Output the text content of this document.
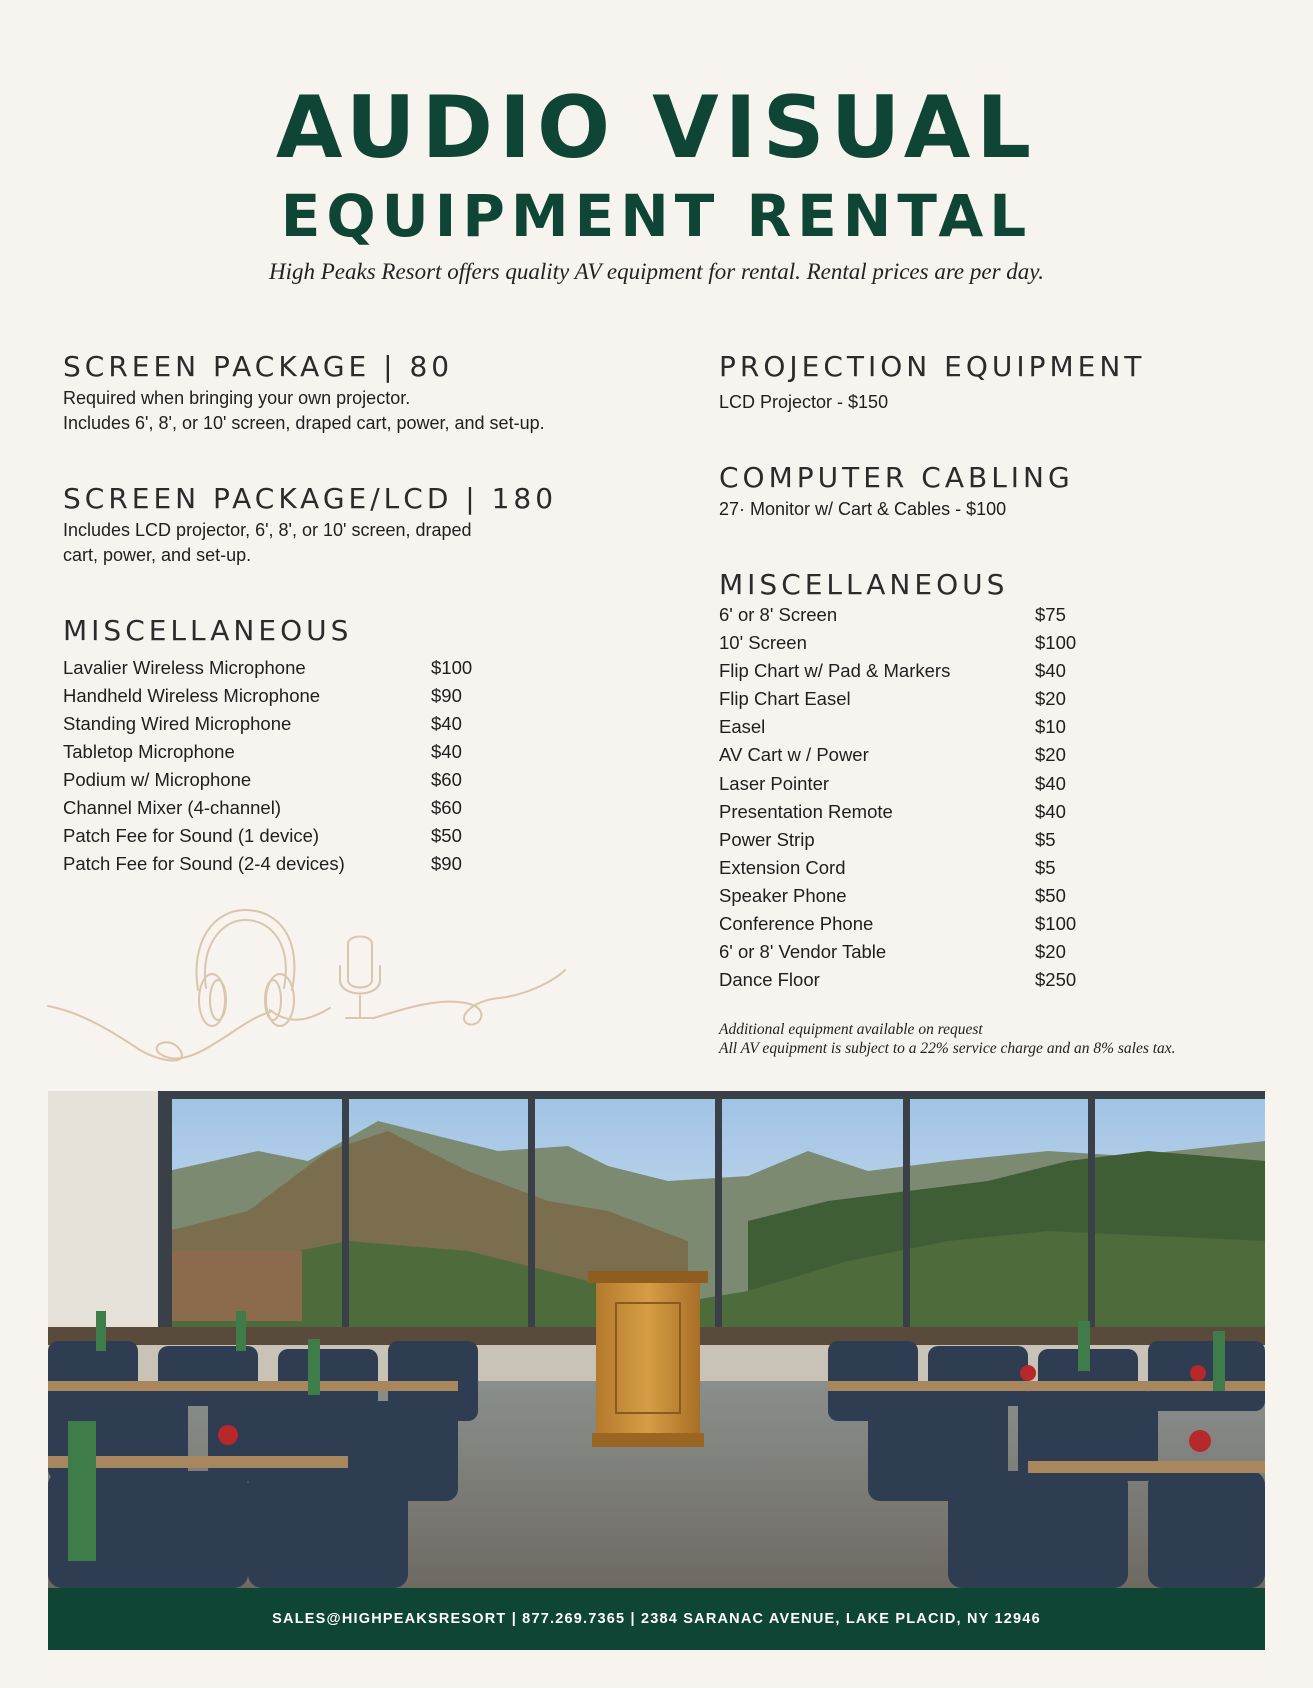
AUDIO VISUAL
EQUIPMENT RENTAL
High Peaks Resort offers quality AV equipment for rental. Rental prices are per day.
SCREEN PACKAGE | 80
Required when bringing your own projector.
Includes 6', 8', or 10' screen, draped cart, power, and set-up.
SCREEN PACKAGE/LCD | 180
Includes LCD projector, 6', 8', or 10' screen, draped
cart, power, and set-up.
MISCELLANEOUS
Lavalier Wireless Microphone	$100
Handheld Wireless Microphone	$90
Standing Wired Microphone	$40
Tabletop Microphone	$40
Podium w/ Microphone	$60
Channel Mixer (4-channel)	$60
Patch Fee for Sound (1 device)	$50
Patch Fee for Sound (2-4 devices)	$90
PROJECTION EQUIPMENT
LCD Projector - $150
COMPUTER CABLING
27· Monitor w/ Cart & Cables - $100
MISCELLANEOUS
6' or 8' Screen	$75
10' Screen	$100
Flip Chart w/ Pad & Markers	$40
Flip Chart Easel	$20
Easel	$10
AV Cart w / Power	$20
Laser Pointer	$40
Presentation Remote	$40
Power Strip	$5
Extension Cord	$5
Speaker Phone	$50
Conference Phone	$100
6' or 8' Vendor Table	$20
Dance Floor	$250
Additional equipment available on request
All AV equipment is subject to a 22% service charge and an 8% sales tax.
SALES@HIGHPEAKSRESORT | 877.269.7365 | 2384 SARANAC AVENUE, LAKE PLACID, NY 12946
